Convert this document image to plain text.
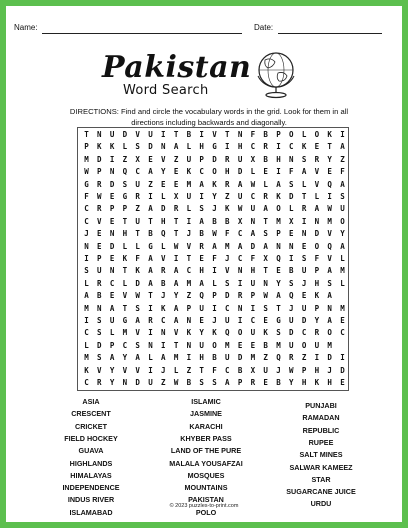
Name:	Date:
Pakistan
Word Search
DIRECTIONS: Find and circle the vocabulary words in the grid. Look for them in all directions including backwards and diagonally.
T	N	U	D	V	U	I	T	B	I	V	T	N	F	B	P	O	L	O	K	I
P	K	K	L	S	D	N	A	L	H	G	I	H	C	R	I	C	K	E	T	A
M	D	I	Z	X	E	V	Z	U	P	D	R	U	X	B	H	N	S	R	Y	Z
W	P	N	Q	C	A	Y	E	K	C	O	H	D	L	E	I	F	A	V	E	F
G	R	D	S	U	Z	E	E	M	A	K	R	A	W	L	A	S	L	V	Q	A
F	W	E	G	R	I	L	X	U	I	Y	Z	U	C	R	K	D	T	L	I	S
C	R	P	P	Z	A	D	R	L	S	J	K	W	U	A	O	L	R	A	W	U
C	V	E	T	U	T	H	T	I	A	B	B	X	N	T	M	X	I	N	M	O
J	E	N	H	T	B	Q	T	J	B	W	F	C	A	S	P	E	N	D	V	Y
N	E	D	L	L	G	L	W	V	R	A	M	A	D	A	N	N	E	O	Q	A
I	P	E	K	F	A	V	I	T	E	F	J	C	F	X	Q	I	S	F	V	L
S	U	N	T	K	A	R	A	C	H	I	V	N	H	T	E	B	U	P	A	M
L	R	C	L	D	A	B	A	M	A	L	S	I	U	N	Y	S	J	H	S	L
A	B	E	V	W	T	J	Y	Z	Q	P	D	R	P	W	A	Q	E	K	A
M	N	A	T	S	I	K	A	P	U	I	C	N	I	S	T	J	U	P	N	M
I	S	U	G	A	R	C	A	N	E	J	U	I	C	E	G	U	D	Y	A	E
C	S	L	M	V	I	N	V	K	Y	K	Q	O	U	K	S	D	C	R	O	C
L	D	P	C	S	N	I	T	N	U	O	M	E	E	B	M	U	O	U	M
M	S	A	Y	A	L	A	M	I	H	B	U	D	M	Z	Q	R	Z	I	D	I
K	V	Y	V	V	I	J	L	Z	T	F	C	B	X	U	J	W	P	H	J	D
C	R	Y	N	D	U	Z	W	B	S	S	A	P	R	E	B	Y	H	K	H	E
ASIA
CRESCENT
CRICKET
FIELD HOCKEY
GUAVA
HIGHLANDS
HIMALAYAS
INDEPENDENCE
INDUS RIVER
ISLAMABAD
ISLAMIC
JASMINE
KARACHI
KHYBER PASS
LAND OF THE PURE
MALALA YOUSAFZAI
MOSQUES
MOUNTAINS
PAKISTAN
POLO
PUNJABI
RAMADAN
REPUBLIC
RUPEE
SALT MINES
SALWAR KAMEEZ
STAR
SUGARCANE JUICE
URDU
© 2023 puzzles-to-print.com
